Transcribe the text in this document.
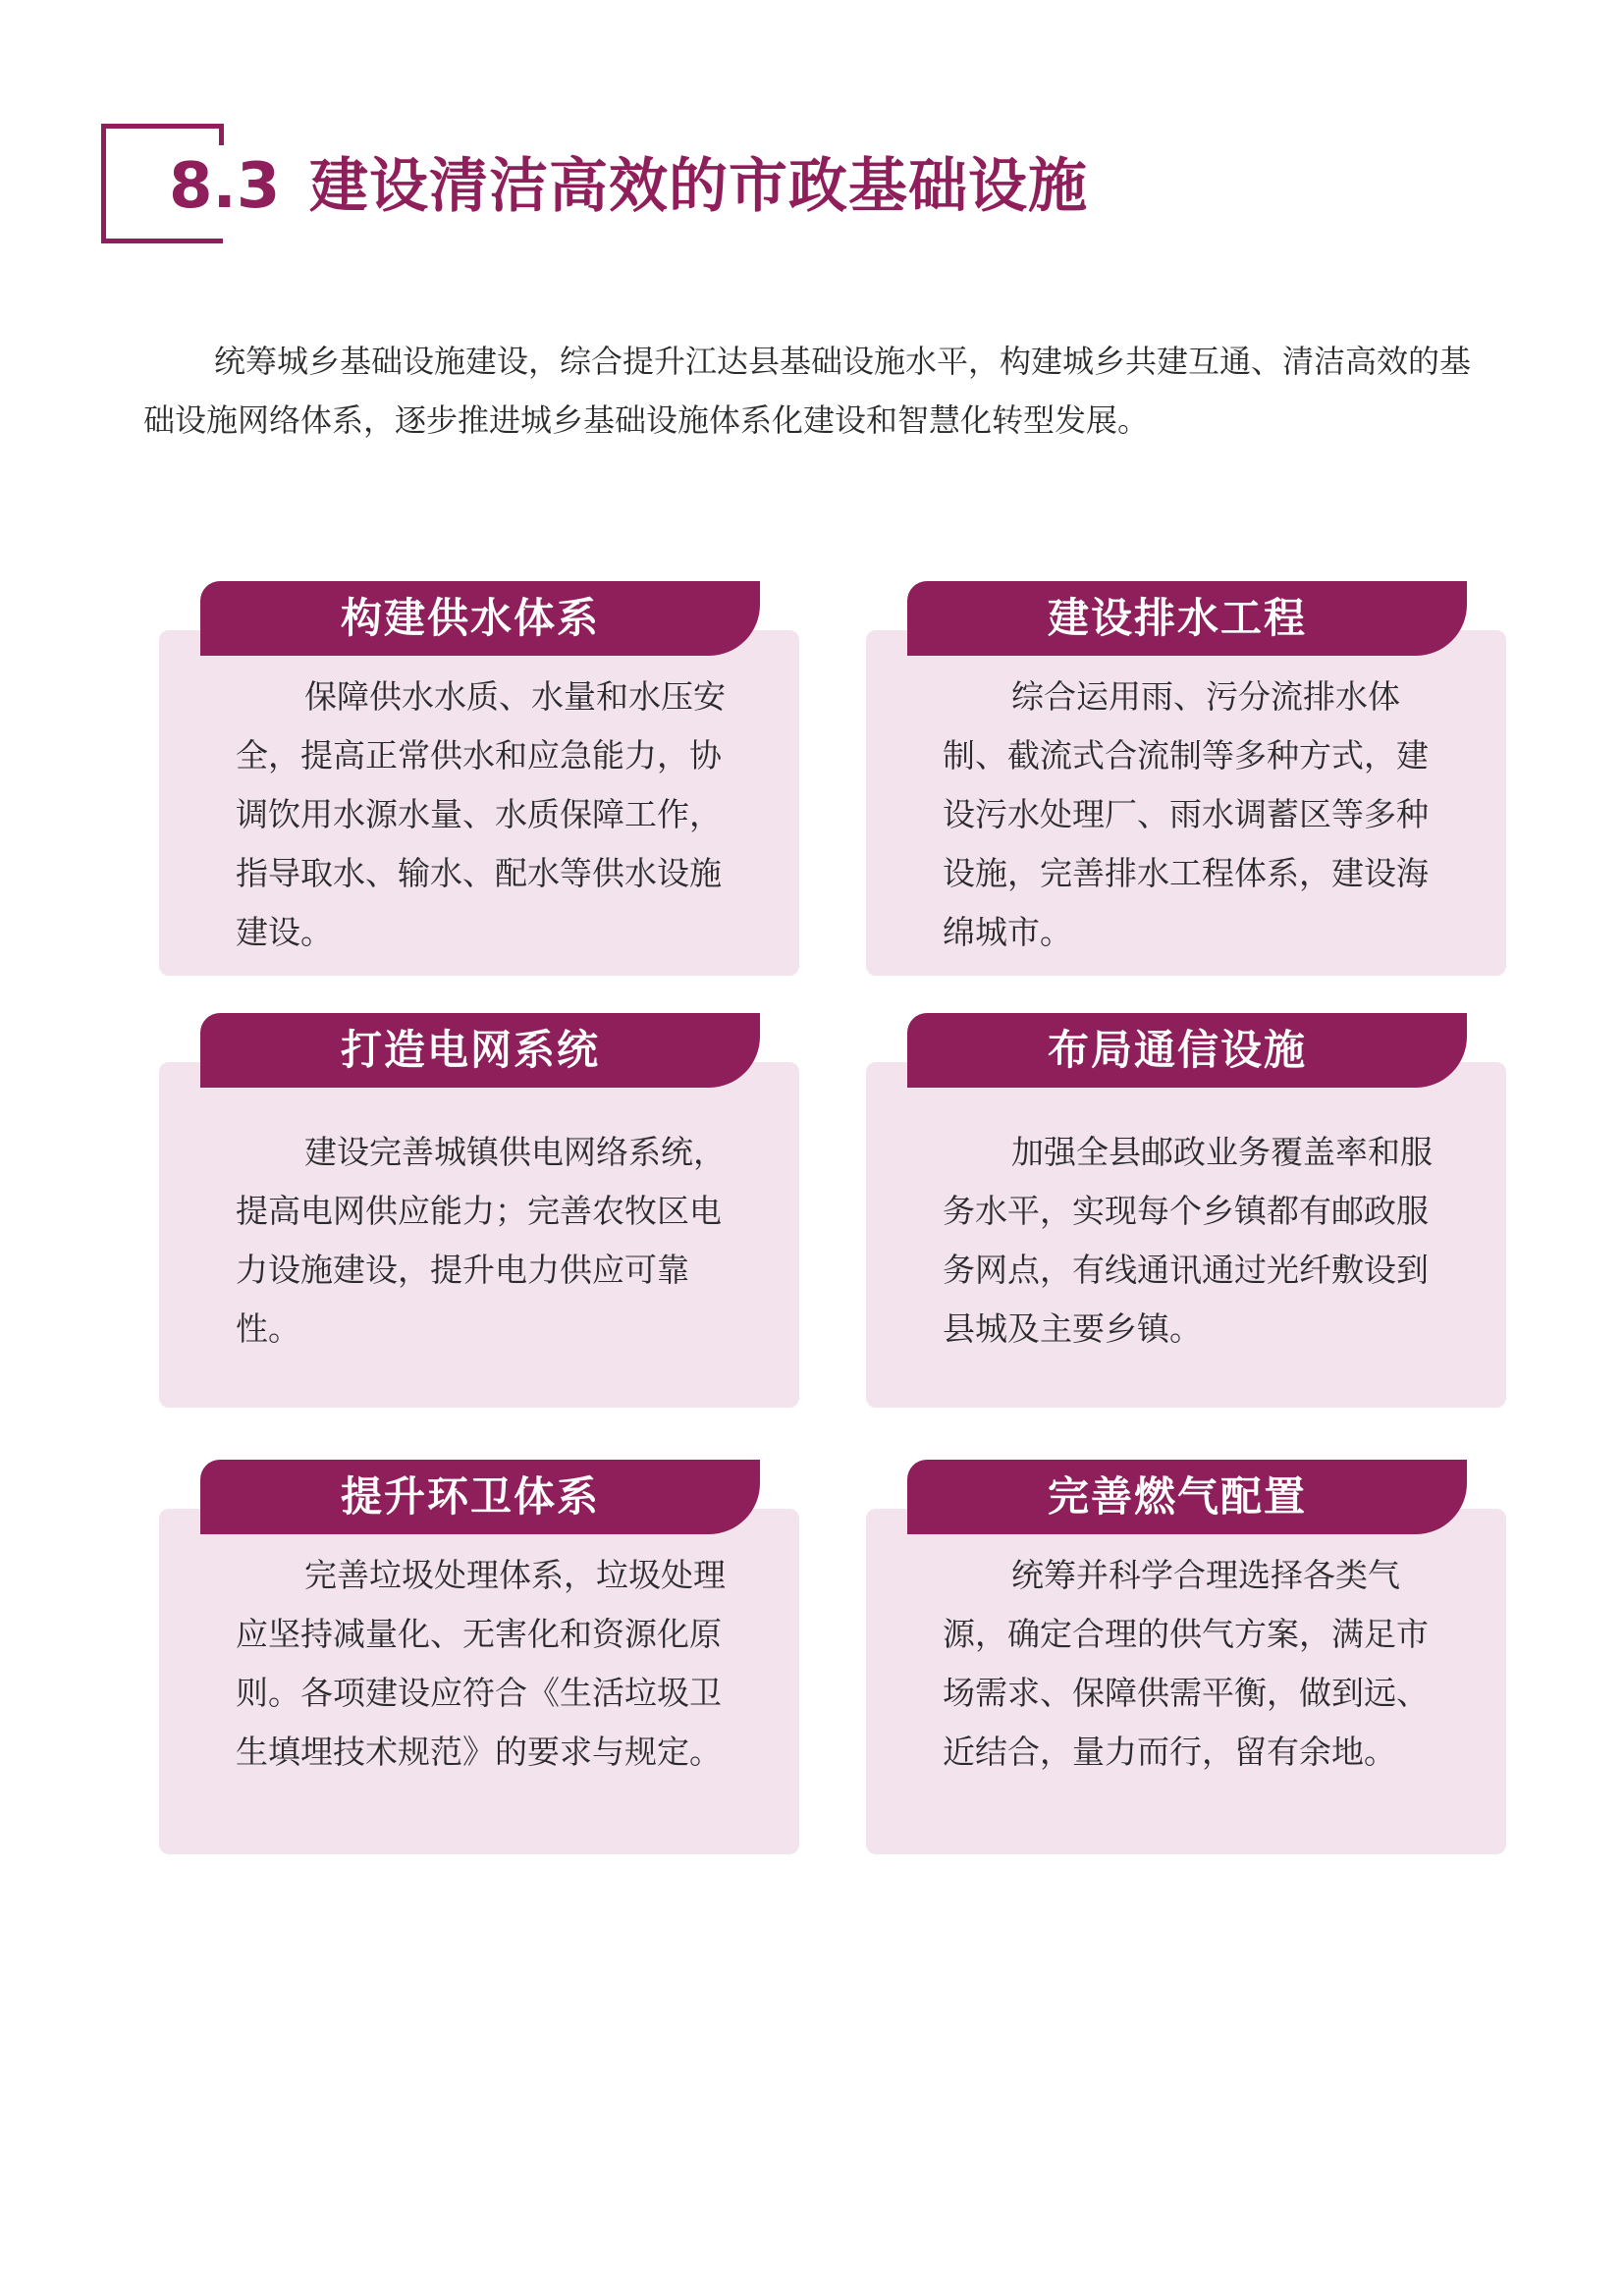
8.3 建设清洁高效的市政基础设施

统筹城乡基础设施建设，综合提升江达县基础设施水平，构建城乡共建互通、清洁高效的基础设施网络体系，逐步推进城乡基础设施体系化建设和智慧化转型发展。

构建供水体系

保障供水水质、水量和水压安全，提高正常供水和应急能力，协调饮用水源水量、水质保障工作，指导取水、输水、配水等供水设施建设。

建设排水工程

综合运用雨、污分流排水体制、截流式合流制等多种方式，建设污水处理厂、雨水调蓄区等多种设施，完善排水工程体系，建设海绵城市。

打造电网系统

建设完善城镇供电网络系统，提高电网供应能力；完善农牧区电力设施建设，提升电力供应可靠性。

布局通信设施

加强全县邮政业务覆盖率和服务水平，实现每个乡镇都有邮政服务网点，有线通讯通过光纤敷设到县城及主要乡镇。

提升环卫体系

完善垃圾处理体系，垃圾处理应坚持减量化、无害化和资源化原则。各项建设应符合《生活垃圾卫生填埋技术规范》的要求与规定。

完善燃气配置

统筹并科学合理选择各类气源，确定合理的供气方案，满足市场需求、保障供需平衡，做到远、近结合，量力而行，留有余地。
